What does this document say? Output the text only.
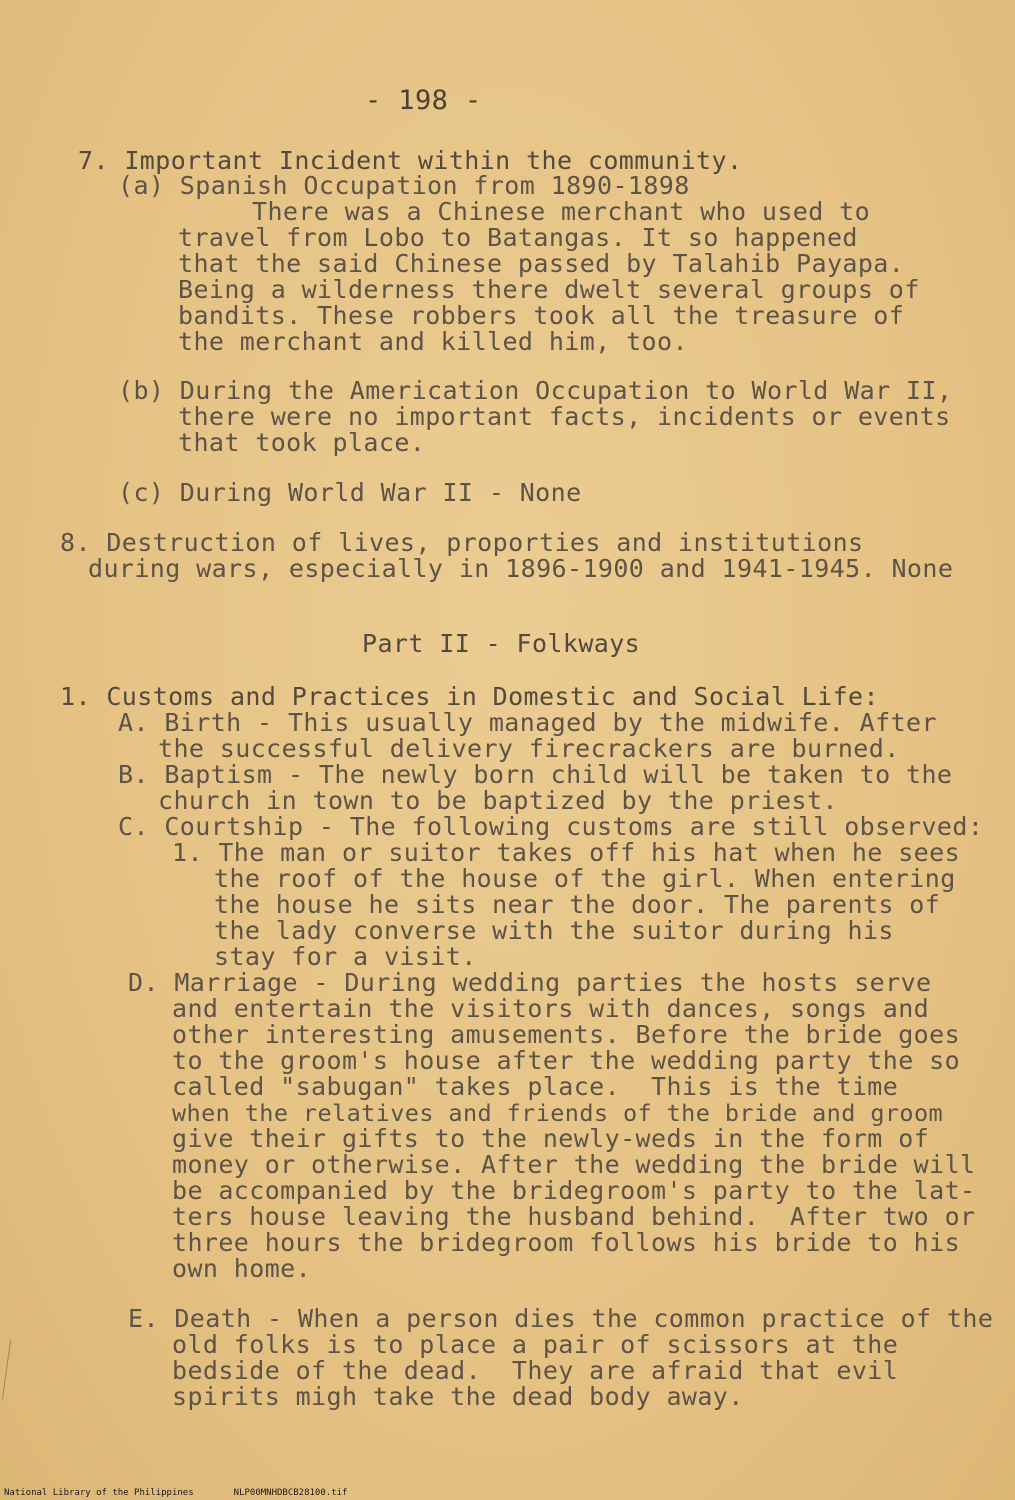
- 198 -
7. Important Incident within the community.
(a) Spanish Occupation from 1890-1898
There was a Chinese merchant who used to
travel from Lobo to Batangas. It so happened
that the said Chinese passed by Talahib Payapa.
Being a wilderness there dwelt several groups of
bandits. These robbers took all the treasure of
the merchant and killed him, too.
(b) During the Americation Occupation to World War II,
there were no important facts, incidents or events
that took place.
(c) During World War II - None
8. Destruction of lives, proporties and institutions
during wars, especially in 1896-1900 and 1941-1945. None
Part II - Folkways
1. Customs and Practices in Domestic and Social Life:
A. Birth - This usually managed by the midwife. After
the successful delivery firecrackers are burned.
B. Baptism - The newly born child will be taken to the
church in town to be baptized by the priest.
C. Courtship - The following customs are still observed:
1. The man or suitor takes off his hat when he sees
the roof of the house of the girl. When entering
the house he sits near the door. The parents of
the lady converse with the suitor during his
stay for a visit.
D. Marriage - During wedding parties the hosts serve
and entertain the visitors with dances, songs and
other interesting amusements. Before the bride goes
to the groom's house after the wedding party the so
called "sabugan" takes place.  This is the time
when the relatives and friends of the bride and groom
give their gifts to the newly-weds in the form of
money or otherwise. After the wedding the bride will
be accompanied by the bridegroom's party to the lat-
ters house leaving the husband behind.  After two or
three hours the bridegroom follows his bride to his
own home.
E. Death - When a person dies the common practice of the
old folks is to place a pair of scissors at the
bedside of the dead.  They are afraid that evil
spirits migh take the dead body away.
National Library of the Philippines	NLP00MNHDBCB28100.tif
